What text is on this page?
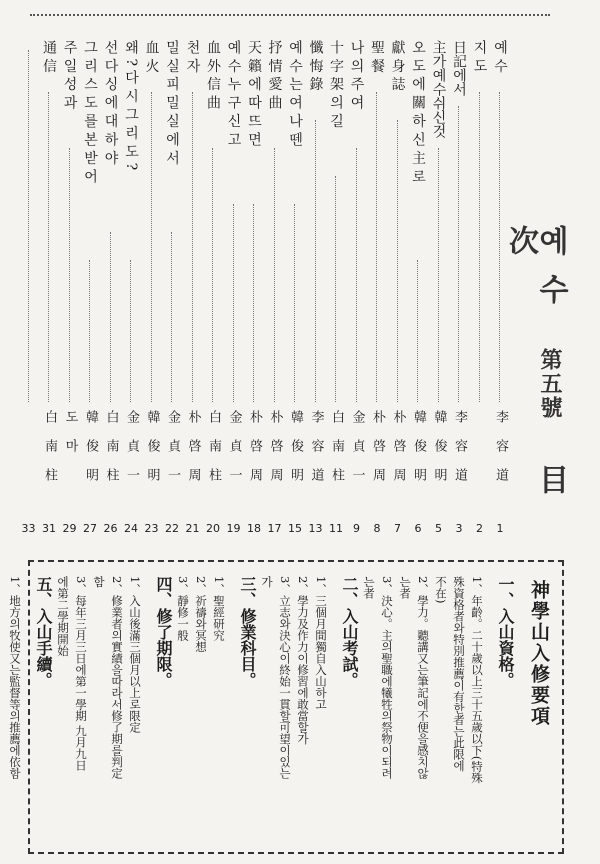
예 수 第五號 目 次
예 수
李 容 道
1
지 도
2
日記에서
李 容 道
3
主가예수쉬신것
韓 俊 明
5
오 도 에 關 하 신 主 로
韓 俊 明
6
獻 身 誌
朴 啓 周
7
聖 餐
朴 啓 周
8
나 의 주 여
金 貞 一
9
十 字 架 의 길
白 南 柱
11
懺 悔 錄
李 容 道
13
예 수 는 여 나 뗀
韓 俊 明
15
抒 情 愛 曲
朴 啓 周
17
天 籟 에 따 뜨 면
朴 啓 周
18
예 수 누 구 신 고
金 貞 一
19
血 外 信 曲
白 南 柱
20
천 자
朴 啓 周
21
밀 실 피 밀 실 에 서
金 貞 一
22
血 火
韓 俊 明
23
왜 ? 다 시 그 리 도 ?
金 貞 一
24
선 다 싱 에 대 하 야
白 南 柱
26
그 리 스 도 를 본 받 어
韓 俊 明
27
주 일 성 과
도 마
29
通 信
白 南 柱
31
33
神學山入修要項
一、入山資格。
1、年齡。二十歲以上三十五歲以下(特殊
殊資格者와特別推薦이有한者는此限에
不在)
2、學力。聽講又는筆記에不便을感치않
는者
3、決心。主의聖職에犧牲의祭物이되려
는者
二、入山考試。
1、三個月間獨自入山하고
2、學力及作力이修習에敢當할가
3、立志와決心이終始一貫할可望이있는
가
三、修業科目。
1、聖經研究
2、祈禱와冥想
3、靜修一般
四、修了期限。
1、入山後滿三個月以上로限定
2、修業者의實績을따라서修了期를判定
함
3、每年三月三日에第一學期 九月九日
에第二學期開始
五、入山手續。
1、地方의牧使又는監督等의推薦에依함
